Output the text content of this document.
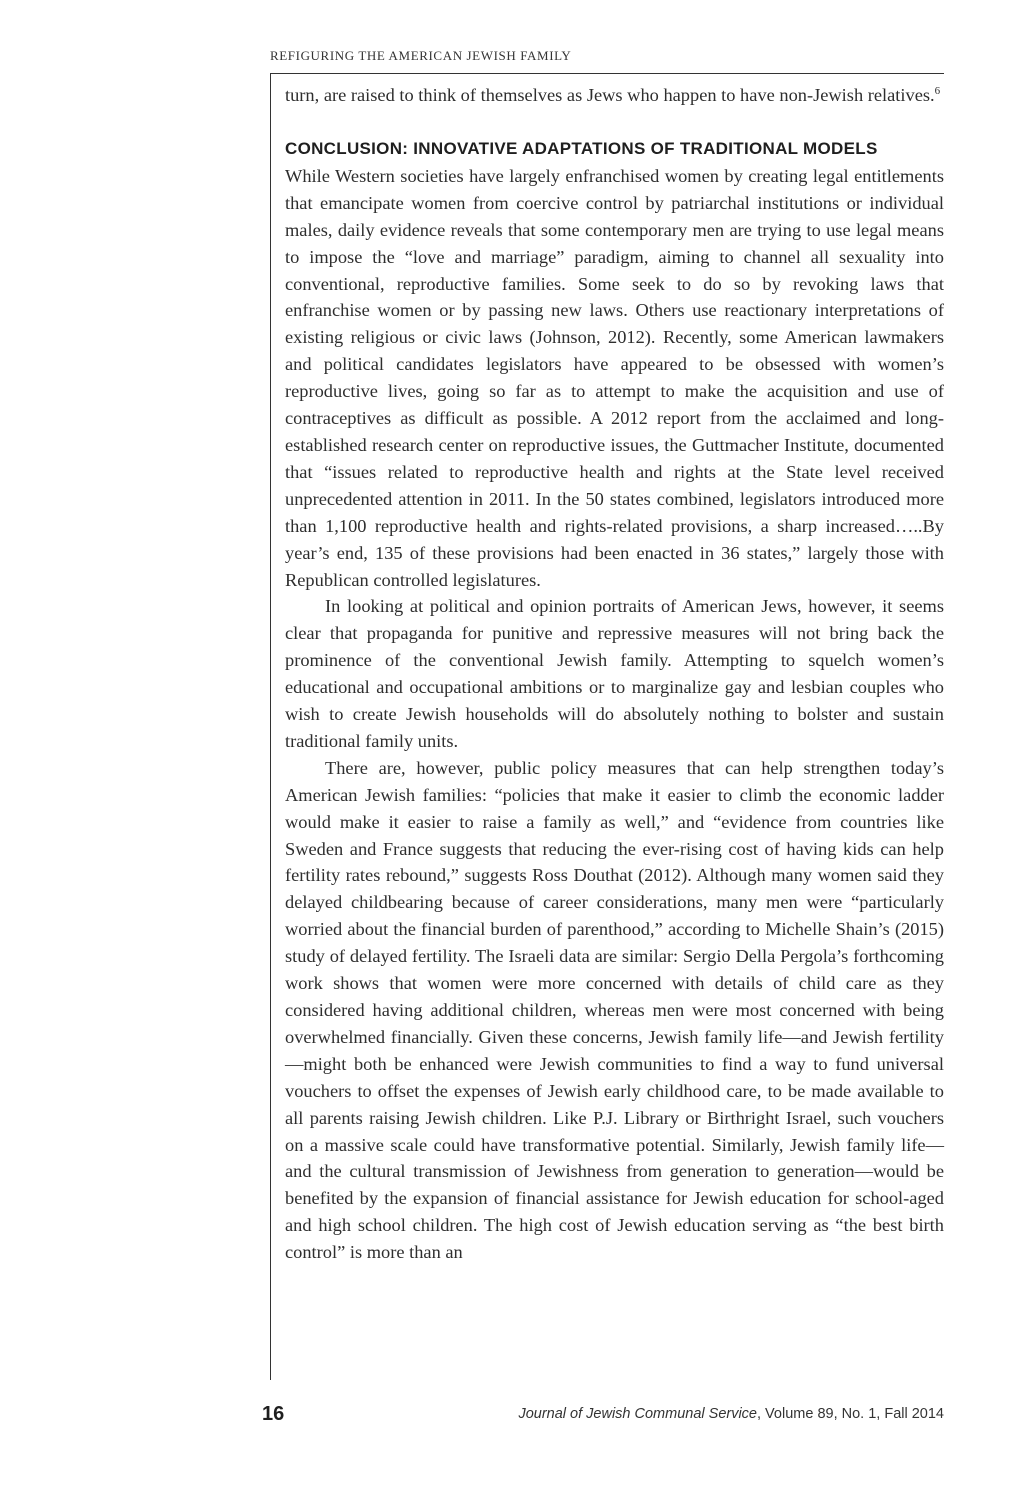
REFIGURING THE AMERICAN JEWISH FAMILY

turn, are raised to think of themselves as Jews who happen to have non-Jewish relatives.$^6$

CONCLUSION: INNOVATIVE ADAPTATIONS OF TRADITIONAL MODELS

While Western societies have largely enfranchised women by creating legal entitlements that emancipate women from coercive control by patriarchal institutions or individual males, daily evidence reveals that some contemporary men are trying to use legal means to impose the “love and marriage” paradigm, aiming to channel all sexuality into conventional, reproductive families. Some seek to do so by revoking laws that enfranchise women or by passing new laws. Others use reactionary interpretations of existing religious or civic laws (Johnson, 2012). Recently, some American lawmakers and political candidates legislators have appeared to be obsessed with women’s reproductive lives, going so far as to attempt to make the acquisition and use of contraceptives as difficult as possible. A 2012 report from the acclaimed and long-established research center on reproductive issues, the Guttmacher Institute, documented that “issues related to reproductive health and rights at the State level received unprecedented attention in 2011. In the 50 states combined, legislators introduced more than 1,100 reproductive health and rights-related provisions, a sharp increased…..By year’s end, 135 of these provisions had been enacted in 36 states,” largely those with Republican controlled legislatures.

In looking at political and opinion portraits of American Jews, however, it seems clear that propaganda for punitive and repressive measures will not bring back the prominence of the conventional Jewish family. Attempting to squelch women’s educational and occupational ambitions or to marginalize gay and lesbian couples who wish to create Jewish households will do absolutely nothing to bolster and sustain traditional family units.

There are, however, public policy measures that can help strengthen today’s American Jewish families: “policies that make it easier to climb the economic ladder would make it easier to raise a family as well,” and “evidence from countries like Sweden and France suggests that reducing the ever-rising cost of having kids can help fertility rates rebound,” suggests Ross Douthat (2012). Although many women said they delayed childbearing because of career considerations, many men were “particularly worried about the financial burden of parenthood,” according to Michelle Shain’s (2015) study of delayed fertility. The Israeli data are similar: Sergio Della Pergola’s forthcoming work shows that women were more concerned with details of child care as they considered having additional children, whereas men were most concerned with being overwhelmed financially. Given these concerns, Jewish family life—and Jewish fertility—might both be enhanced were Jewish communities to find a way to fund universal vouchers to offset the expenses of Jewish early childhood care, to be made available to all parents raising Jewish children. Like P.J. Library or Birthright Israel, such vouchers on a massive scale could have transformative potential. Similarly, Jewish family life—and the cultural transmission of Jewishness from generation to generation—would be benefited by the expansion of financial assistance for Jewish education for school-aged and high school children. The high cost of Jewish education serving as “the best birth control” is more than an

16	Journal of Jewish Communal Service, Volume 89, No. 1, Fall 2014
